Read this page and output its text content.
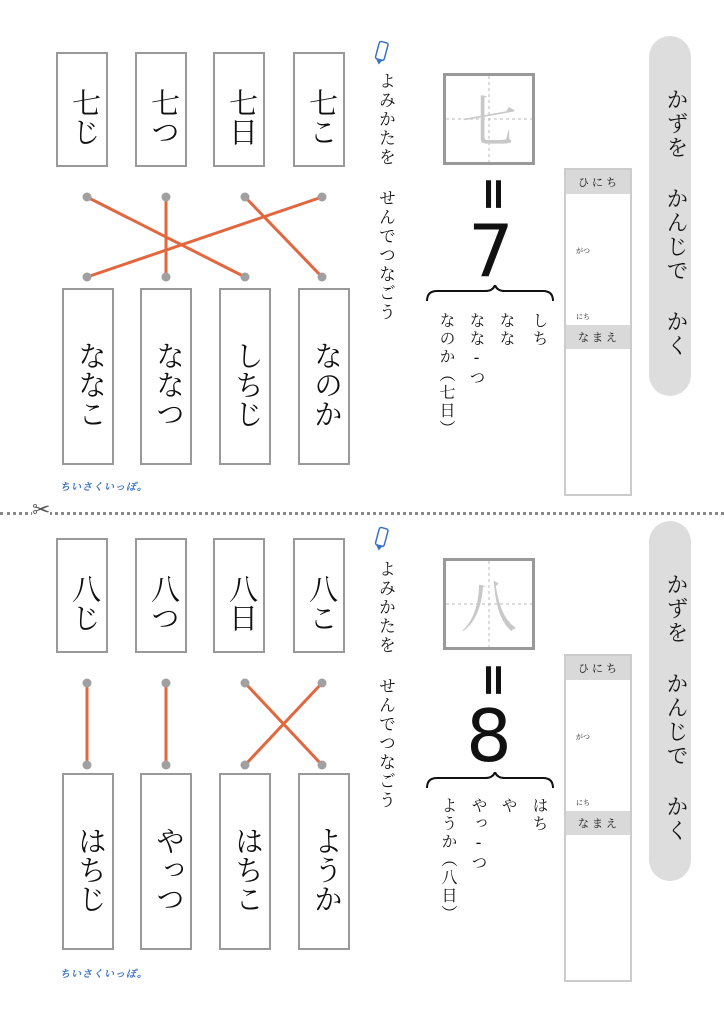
かずを かんじで かく
ひにち
がつ
にち
なまえ
七
=
7
しち
なな
なな-つ
なのか（七日）
よみかたを せんでつなごう
七じ	七つ	七日	七こ
ななこ	ななつ	しちじ	なのか
ちいさくいっぽ。
✂
かずを かんじで かく
ひにち
がつ
にち
なまえ
八
=
8
はち
や
やっ-つ
ようか（八日）
よみかたを せんでつなごう
八じ	八つ	八日	八こ
はちじ	やっつ	はちこ	ようか
ちいさくいっぽ。
